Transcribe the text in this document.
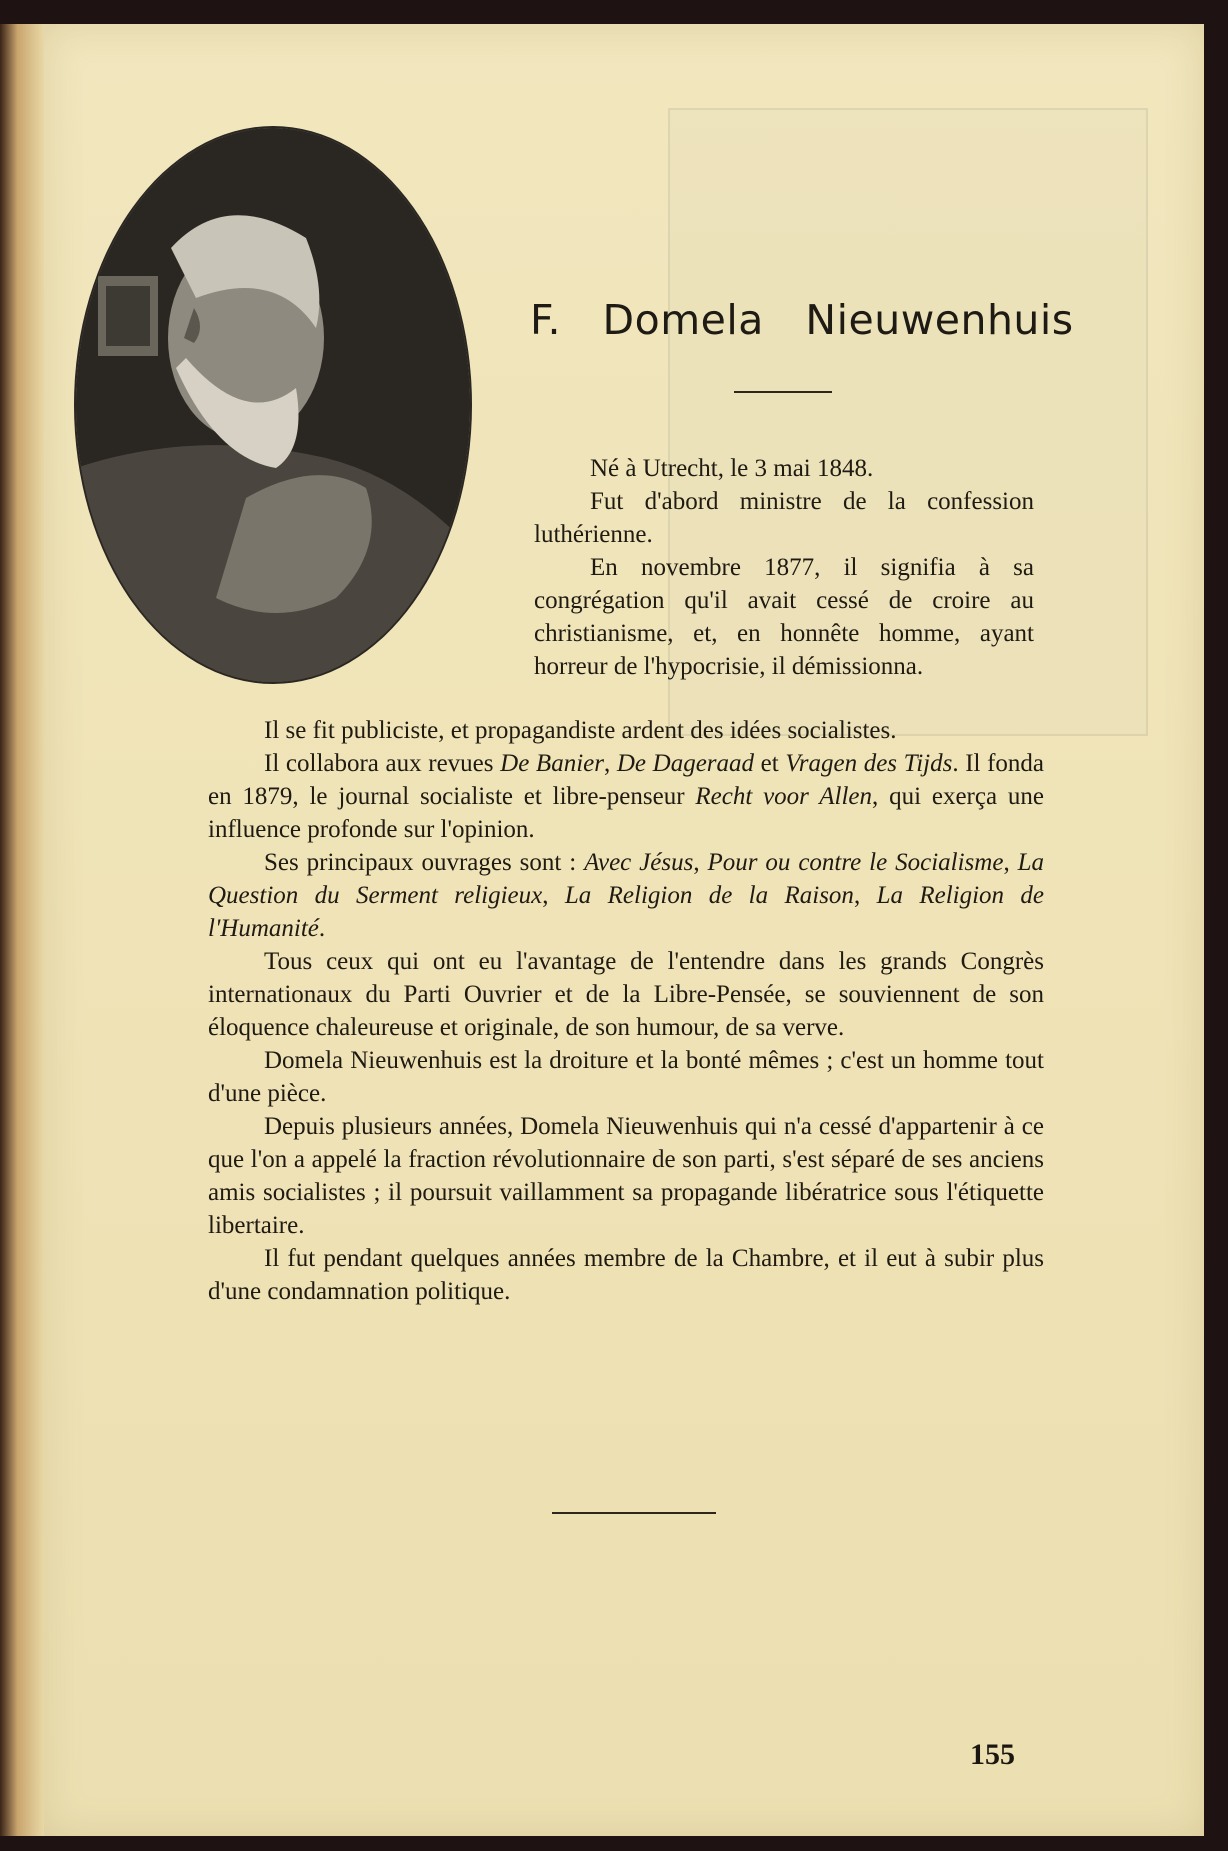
F. Domela Nieuwenhuis

Né à Utrecht, le 3 mai 1848.

Fut d'abord ministre de la confession luthérienne.

En novembre 1877, il signifia à sa congrégation qu'il avait cessé de croire au christianisme, et, en honnête homme, ayant horreur de l'hypocrisie, il démissionna.

Il se fit publiciste, et propagandiste ardent des idées socialistes.

Il collabora aux revues De Banier, De Dageraad et Vragen des Tijds. Il fonda en 1879, le journal socialiste et libre-penseur Recht voor Allen, qui exerça une influence profonde sur l'opinion.

Ses principaux ouvrages sont : Avec Jésus, Pour ou contre le Socialisme, La Question du Serment religieux, La Religion de la Raison, La Religion de l'Humanité.

Tous ceux qui ont eu l'avantage de l'entendre dans les grands Congrès internationaux du Parti Ouvrier et de la Libre-Pensée, se souviennent de son éloquence chaleureuse et originale, de son humour, de sa verve.

Domela Nieuwenhuis est la droiture et la bonté mêmes ; c'est un homme tout d'une pièce.

Depuis plusieurs années, Domela Nieuwenhuis qui n'a cessé d'appartenir à ce que l'on a appelé la fraction révolutionnaire de son parti, s'est séparé de ses anciens amis socialistes ; il poursuit vaillamment sa propagande libératrice sous l'étiquette libertaire.

Il fut pendant quelques années membre de la Chambre, et il eut à subir plus d'une condamnation politique.

155
